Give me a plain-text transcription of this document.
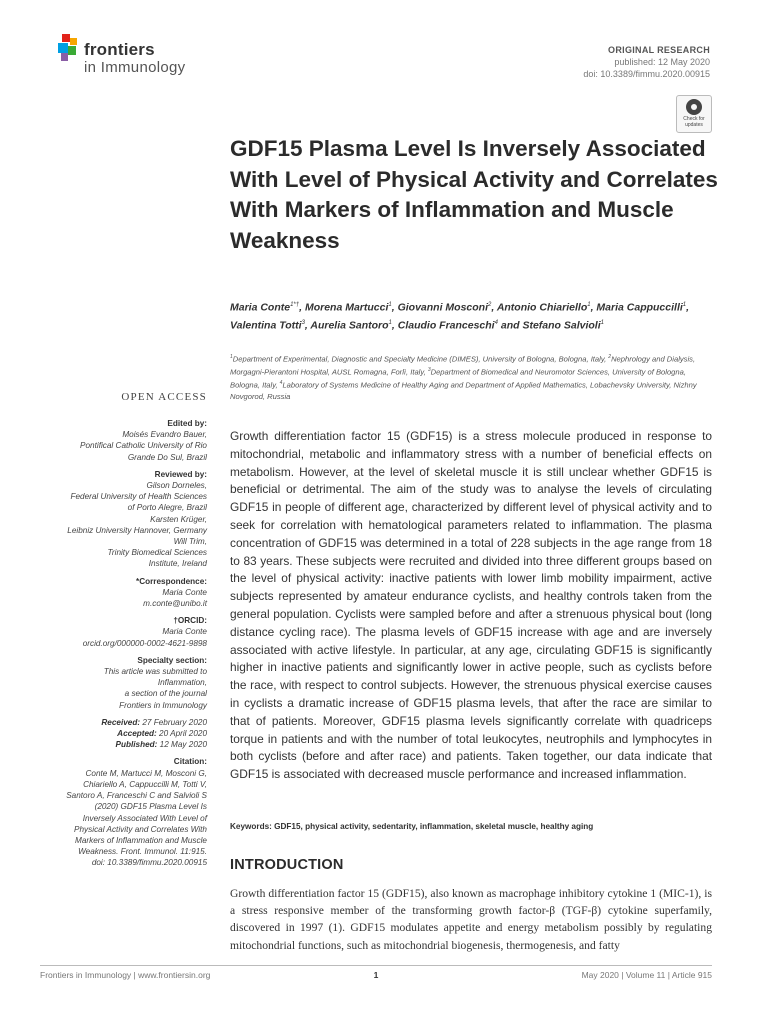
frontiers
in Immunology
ORIGINAL RESEARCH
published: 12 May 2020
doi: 10.3389/fimmu.2020.00915
Check for
updates
GDF15 Plasma Level Is Inversely Associated With Level of Physical Activity and Correlates With Markers of Inflammation and Muscle Weakness

Maria Conte$^{1*\dagger}$, Morena Martucci$^1$, Giovanni Mosconi$^2$, Antonio Chiariello$^1$, Maria Cappuccilli$^1$, Valentina Totti$^3$, Aurelia Santoro$^1$, Claudio Franceschi$^4$ and Stefano Salvioli$^1$

$^1$Department of Experimental, Diagnostic and Specialty Medicine (DIMES), University of Bologna, Bologna, Italy, $^2$Nephrology and Dialysis, Morgagni-Pierantoni Hospital, AUSL Romagna, Forlì, Italy, $^3$Department of Biomedical and Neuromotor Sciences, University of Bologna, Bologna, Italy, $^4$Laboratory of Systems Medicine of Healthy Aging and Department of Applied Mathematics, Lobachevsky University, Nizhny Novgorod, Russia

OPEN ACCESS
Edited by:
Moisés Evandro Bauer,
Pontifical Catholic University of Rio
Grande Do Sul, Brazil
Reviewed by:
Gilson Dorneles,
Federal University of Health Sciences
of Porto Alegre, Brazil
Karsten Krüger,
Leibniz University Hannover, Germany
Will Trim,
Trinity Biomedical Sciences
Institute, Ireland
*Correspondence:
Maria Conte
m.conte@unibo.it
†ORCID:
Maria Conte
orcid.org/000000-0002-4621-9898
Specialty section:
This article was submitted to
Inflammation,
a section of the journal
Frontiers in Immunology
Received: 27 February 2020
Accepted: 20 April 2020
Published: 12 May 2020
Citation:
Conte M, Martucci M, Mosconi G,
Chiariello A, Cappuccilli M, Totti V,
Santoro A, Franceschi C and Salvioli S
(2020) GDF15 Plasma Level Is
Inversely Associated With Level of
Physical Activity and Correlates With
Markers of Inflammation and Muscle
Weakness. Front. Immunol. 11:915.
doi: 10.3389/fimmu.2020.00915

Growth differentiation factor 15 (GDF15) is a stress molecule produced in response to mitochondrial, metabolic and inflammatory stress with a number of beneficial effects on metabolism. However, at the level of skeletal muscle it is still unclear whether GDF15 is beneficial or detrimental. The aim of the study was to analyse the levels of circulating GDF15 in people of different age, characterized by different level of physical activity and to seek for correlation with hematological parameters related to inflammation. The plasma concentration of GDF15 was determined in a total of 228 subjects in the age range from 18 to 83 years. These subjects were recruited and divided into three different groups based on the level of physical activity: inactive patients with lower limb mobility impairment, active subjects represented by amateur endurance cyclists, and healthy controls taken from the general population. Cyclists were sampled before and after a strenuous physical bout (long distance cycling race). The plasma levels of GDF15 increase with age and are inversely associated with active lifestyle. In particular, at any age, circulating GDF15 is significantly higher in inactive patients and significantly lower in active people, such as cyclists before the race, with respect to control subjects. However, the strenuous physical exercise causes in cyclists a dramatic increase of GDF15 plasma levels, that after the race are similar to that of patients. Moreover, GDF15 plasma levels significantly correlate with quadriceps torque in patients and with the number of total leukocytes, neutrophils and lymphocytes in both cyclists (before and after race) and patients. Taken together, our data indicate that GDF15 is associated with decreased muscle performance and increased inflammation.

Keywords: GDF15, physical activity, sedentarity, inflammation, skeletal muscle, healthy aging

INTRODUCTION

Growth differentiation factor 15 (GDF15), also known as macrophage inhibitory cytokine 1 (MIC-1), is a stress responsive member of the transforming growth factor-β (TGF-β) cytokine superfamily, discovered in 1997 (1). GDF15 modulates appetite and energy metabolism possibly by regulating mitochondrial functions, such as mitochondrial biogenesis, thermogenesis, and fatty

1
Frontiers in Immunology | www.frontiersin.org	May 2020 | Volume 11 | Article 915
